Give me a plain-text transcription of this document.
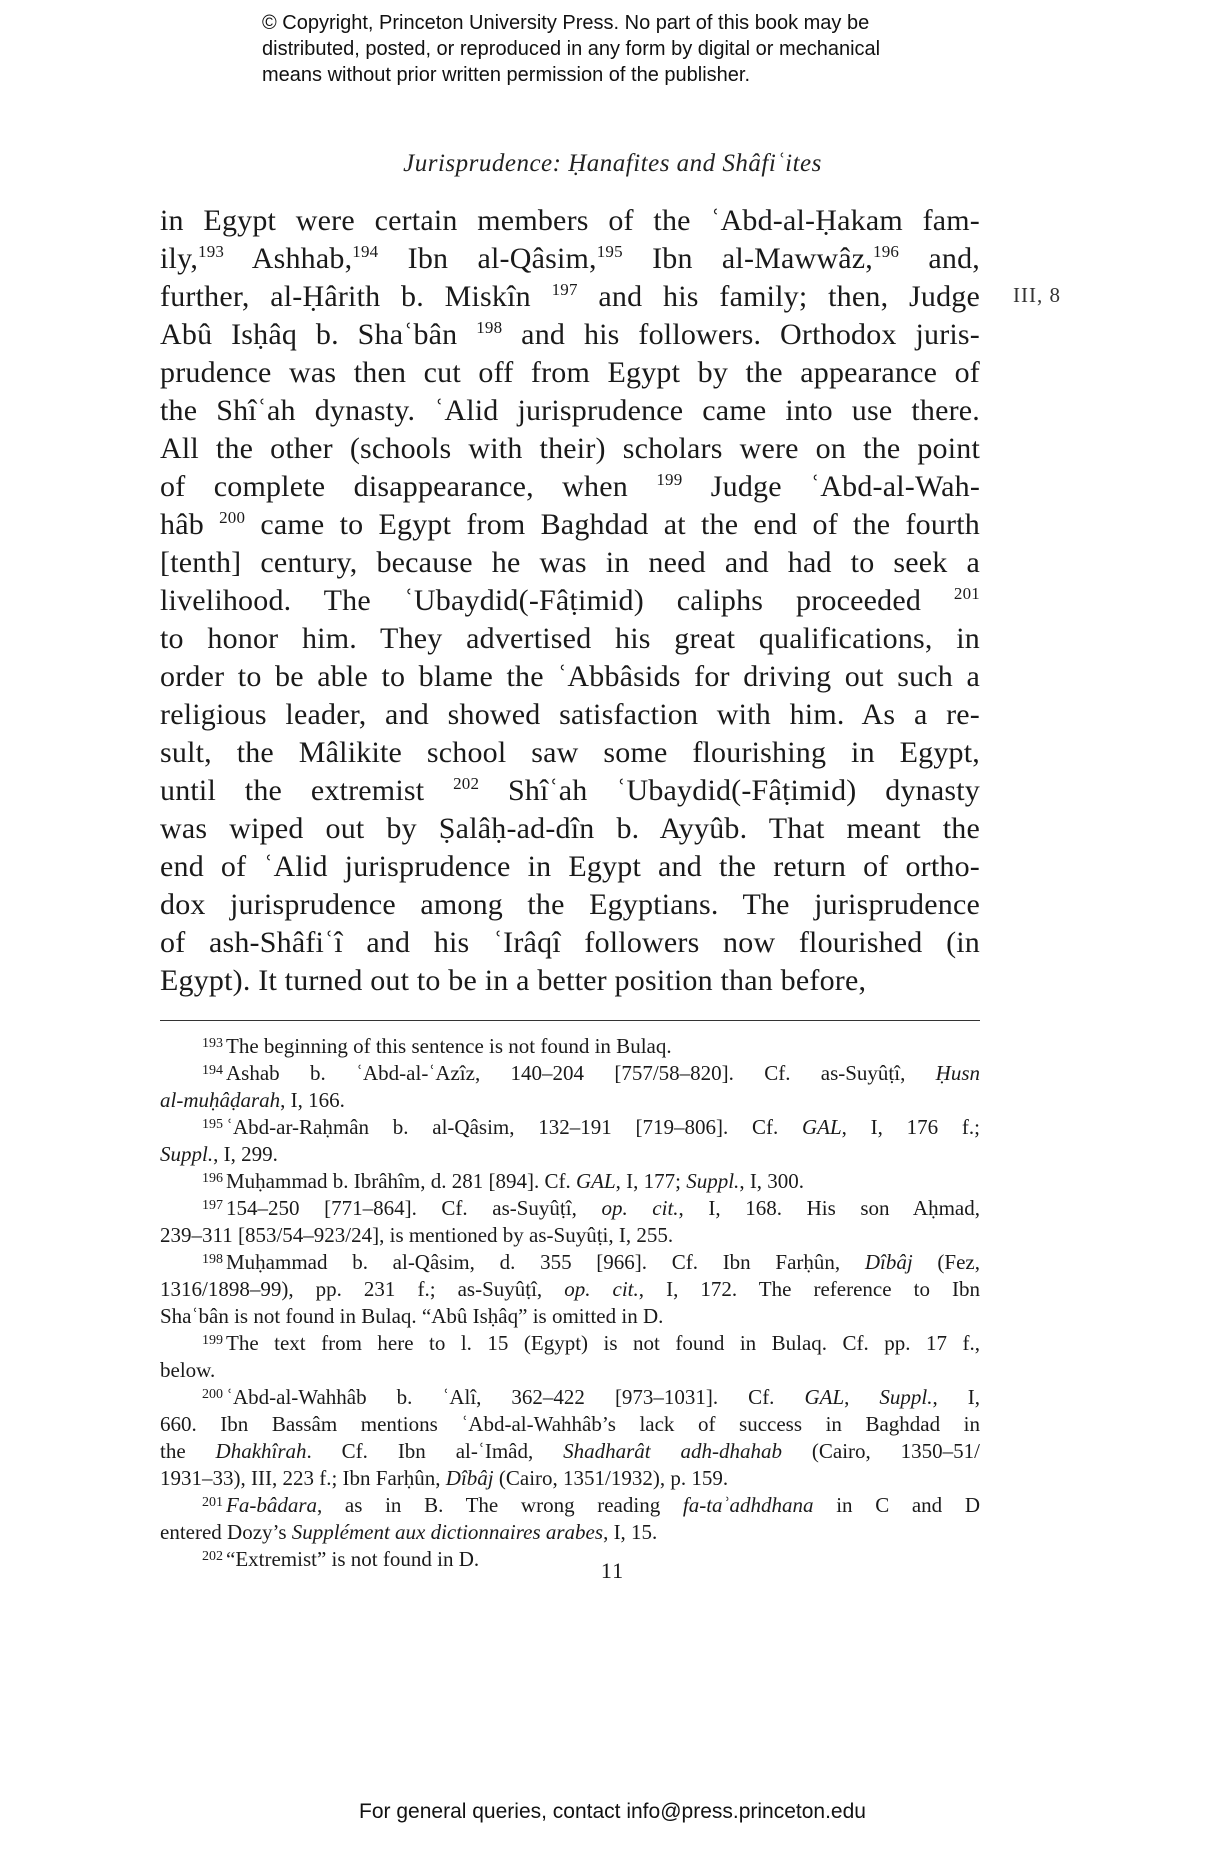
© Copyright, Princeton University Press. No part of this book may be
distributed, posted, or reproduced in any form by digital or mechanical
means without prior written permission of the publisher.
Jurisprudence: Ḥanafites and Shâfiʿites
III, 8
in Egypt were certain members of the ʿAbd-al-Ḥakam fam-
ily,$^{193}$ Ashhab,$^{194}$ Ibn al-Qâsim,$^{195}$ Ibn al-Mawwâz,$^{196}$ and,
further, al-Ḥârith b. Miskîn $^{197}$ and his family; then, Judge
Abû Isḥâq b. Shaʿbân $^{198}$ and his followers. Orthodox juris-
prudence was then cut off from Egypt by the appearance of
the Shîʿah dynasty. ʿAlid jurisprudence came into use there.
All the other (schools with their) scholars were on the point
of complete disappearance, when $^{199}$ Judge ʿAbd-al-Wah-
hâb $^{200}$ came to Egypt from Baghdad at the end of the fourth
[tenth] century, because he was in need and had to seek a
livelihood. The ʿUbaydid(-Fâṭimid) caliphs proceeded $^{201}$
to honor him. They advertised his great qualifications, in
order to be able to blame the ʿAbbâsids for driving out such a
religious leader, and showed satisfaction with him. As a re-
sult, the Mâlikite school saw some flourishing in Egypt,
until the extremist $^{202}$ Shîʿah ʿUbaydid(-Fâṭimid) dynasty
was wiped out by Ṣalâḥ-ad-dîn b. Ayyûb. That meant the
end of ʿAlid jurisprudence in Egypt and the return of ortho-
dox jurisprudence among the Egyptians. The jurisprudence
of ash-Shâfiʿî and his ʿIrâqî followers now flourished (in
Egypt). It turned out to be in a better position than before,
$^{193}$ The beginning of this sentence is not found in Bulaq.
$^{194}$ Ashab b. ʿAbd-al-ʿAzîz, 140–204 [757/58–820]. Cf. as-Suyûṭî, Ḥusn
al-muḥâḍarah, I, 166.
$^{195}$ ʿAbd-ar-Raḥmân b. al-Qâsim, 132–191 [719–806]. Cf. GAL, I, 176 f.;
Suppl., I, 299.
$^{196}$ Muḥammad b. Ibrâhîm, d. 281 [894]. Cf. GAL, I, 177; Suppl., I, 300.
$^{197}$ 154–250 [771–864]. Cf. as-Suyûṭî, op. cit., I, 168. His son Aḥmad,
239–311 [853/54–923/24], is mentioned by as-Suyûṭi, I, 255.
$^{198}$ Muḥammad b. al-Qâsim, d. 355 [966]. Cf. Ibn Farḥûn, Dîbâj (Fez,
1316/1898–99), pp. 231 f.; as-Suyûṭî, op. cit., I, 172. The reference to Ibn
Shaʿbân is not found in Bulaq. “Abû Isḥâq” is omitted in D.
$^{199}$ The text from here to l. 15 (Egypt) is not found in Bulaq. Cf. pp. 17 f.,
below.
$^{200}$ ʿAbd-al-Wahhâb b. ʿAlî, 362–422 [973–1031]. Cf. GAL, Suppl., I,
660. Ibn Bassâm mentions ʿAbd-al-Wahhâb’s lack of success in Baghdad in
the Dhakhîrah. Cf. Ibn al-ʿImâd, Shadharât adh-dhahab (Cairo, 1350–51/
1931–33), III, 223 f.; Ibn Farḥûn, Dîbâj (Cairo, 1351/1932), p. 159.
$^{201}$ Fa-bâdara, as in B. The wrong reading fa-taʾadhdhana in C and D
entered Dozy’s Supplément aux dictionnaires arabes, I, 15.
$^{202}$ “Extremist” is not found in D.	11
For general queries, contact info@press.princeton.edu
